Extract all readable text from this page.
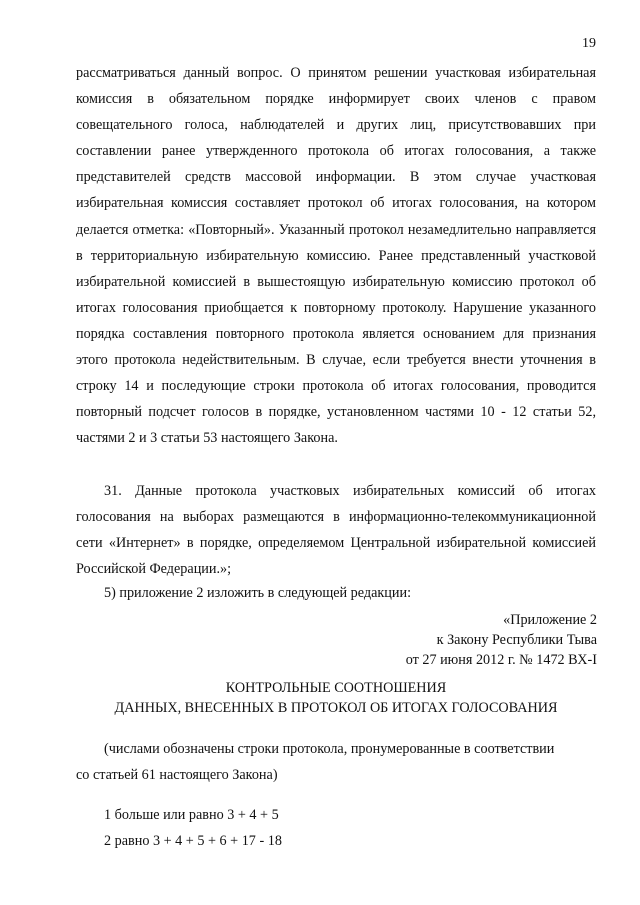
19
рассматриваться данный вопрос. О принятом решении участковая избирательная комиссия в обязательном порядке информирует своих членов с правом совещательного голоса, наблюдателей и других лиц, присутствовавших при составлении ранее утвержденного протокола об итогах голосования, а также представителей средств массовой информации. В этом случае участковая избирательная комиссия составляет протокол об итогах голосования, на котором делается отметка: «Повторный». Указанный протокол незамедлительно направляется в территориальную избирательную комиссию. Ранее представленный участковой избирательной комиссией в вышестоящую избирательную комиссию протокол об итогах голосования приобщается к повторному протоколу. Нарушение указанного порядка составления повторного протокола является основанием для признания этого протокола недействительным. В случае, если требуется внести уточнения в строку 14 и последующие строки протокола об итогах голосования, проводится повторный подсчет голосов в порядке, установленном частями 10 - 12 статьи 52, частями 2 и 3 статьи 53 настоящего Закона.
31. Данные протокола участковых избирательных комиссий об итогах голосования на выборах размещаются в информационно-телекоммуникационной сети «Интернет» в порядке, определяемом Центральной избирательной комиссией Российской Федерации.»;
5) приложение 2 изложить в следующей редакции:
«Приложение 2
к Закону Республики Тыва
от 27 июня 2012 г. № 1472 ВХ-I
КОНТРОЛЬНЫЕ СООТНОШЕНИЯ
ДАННЫХ, ВНЕСЕННЫХ В ПРОТОКОЛ ОБ ИТОГАХ ГОЛОСОВАНИЯ
(числами обозначены строки протокола, пронумерованные в соответствии
со статьей 61 настоящего Закона)
1 больше или равно 3 + 4 + 5
2 равно 3 + 4 + 5 + 6 + 17 - 18
